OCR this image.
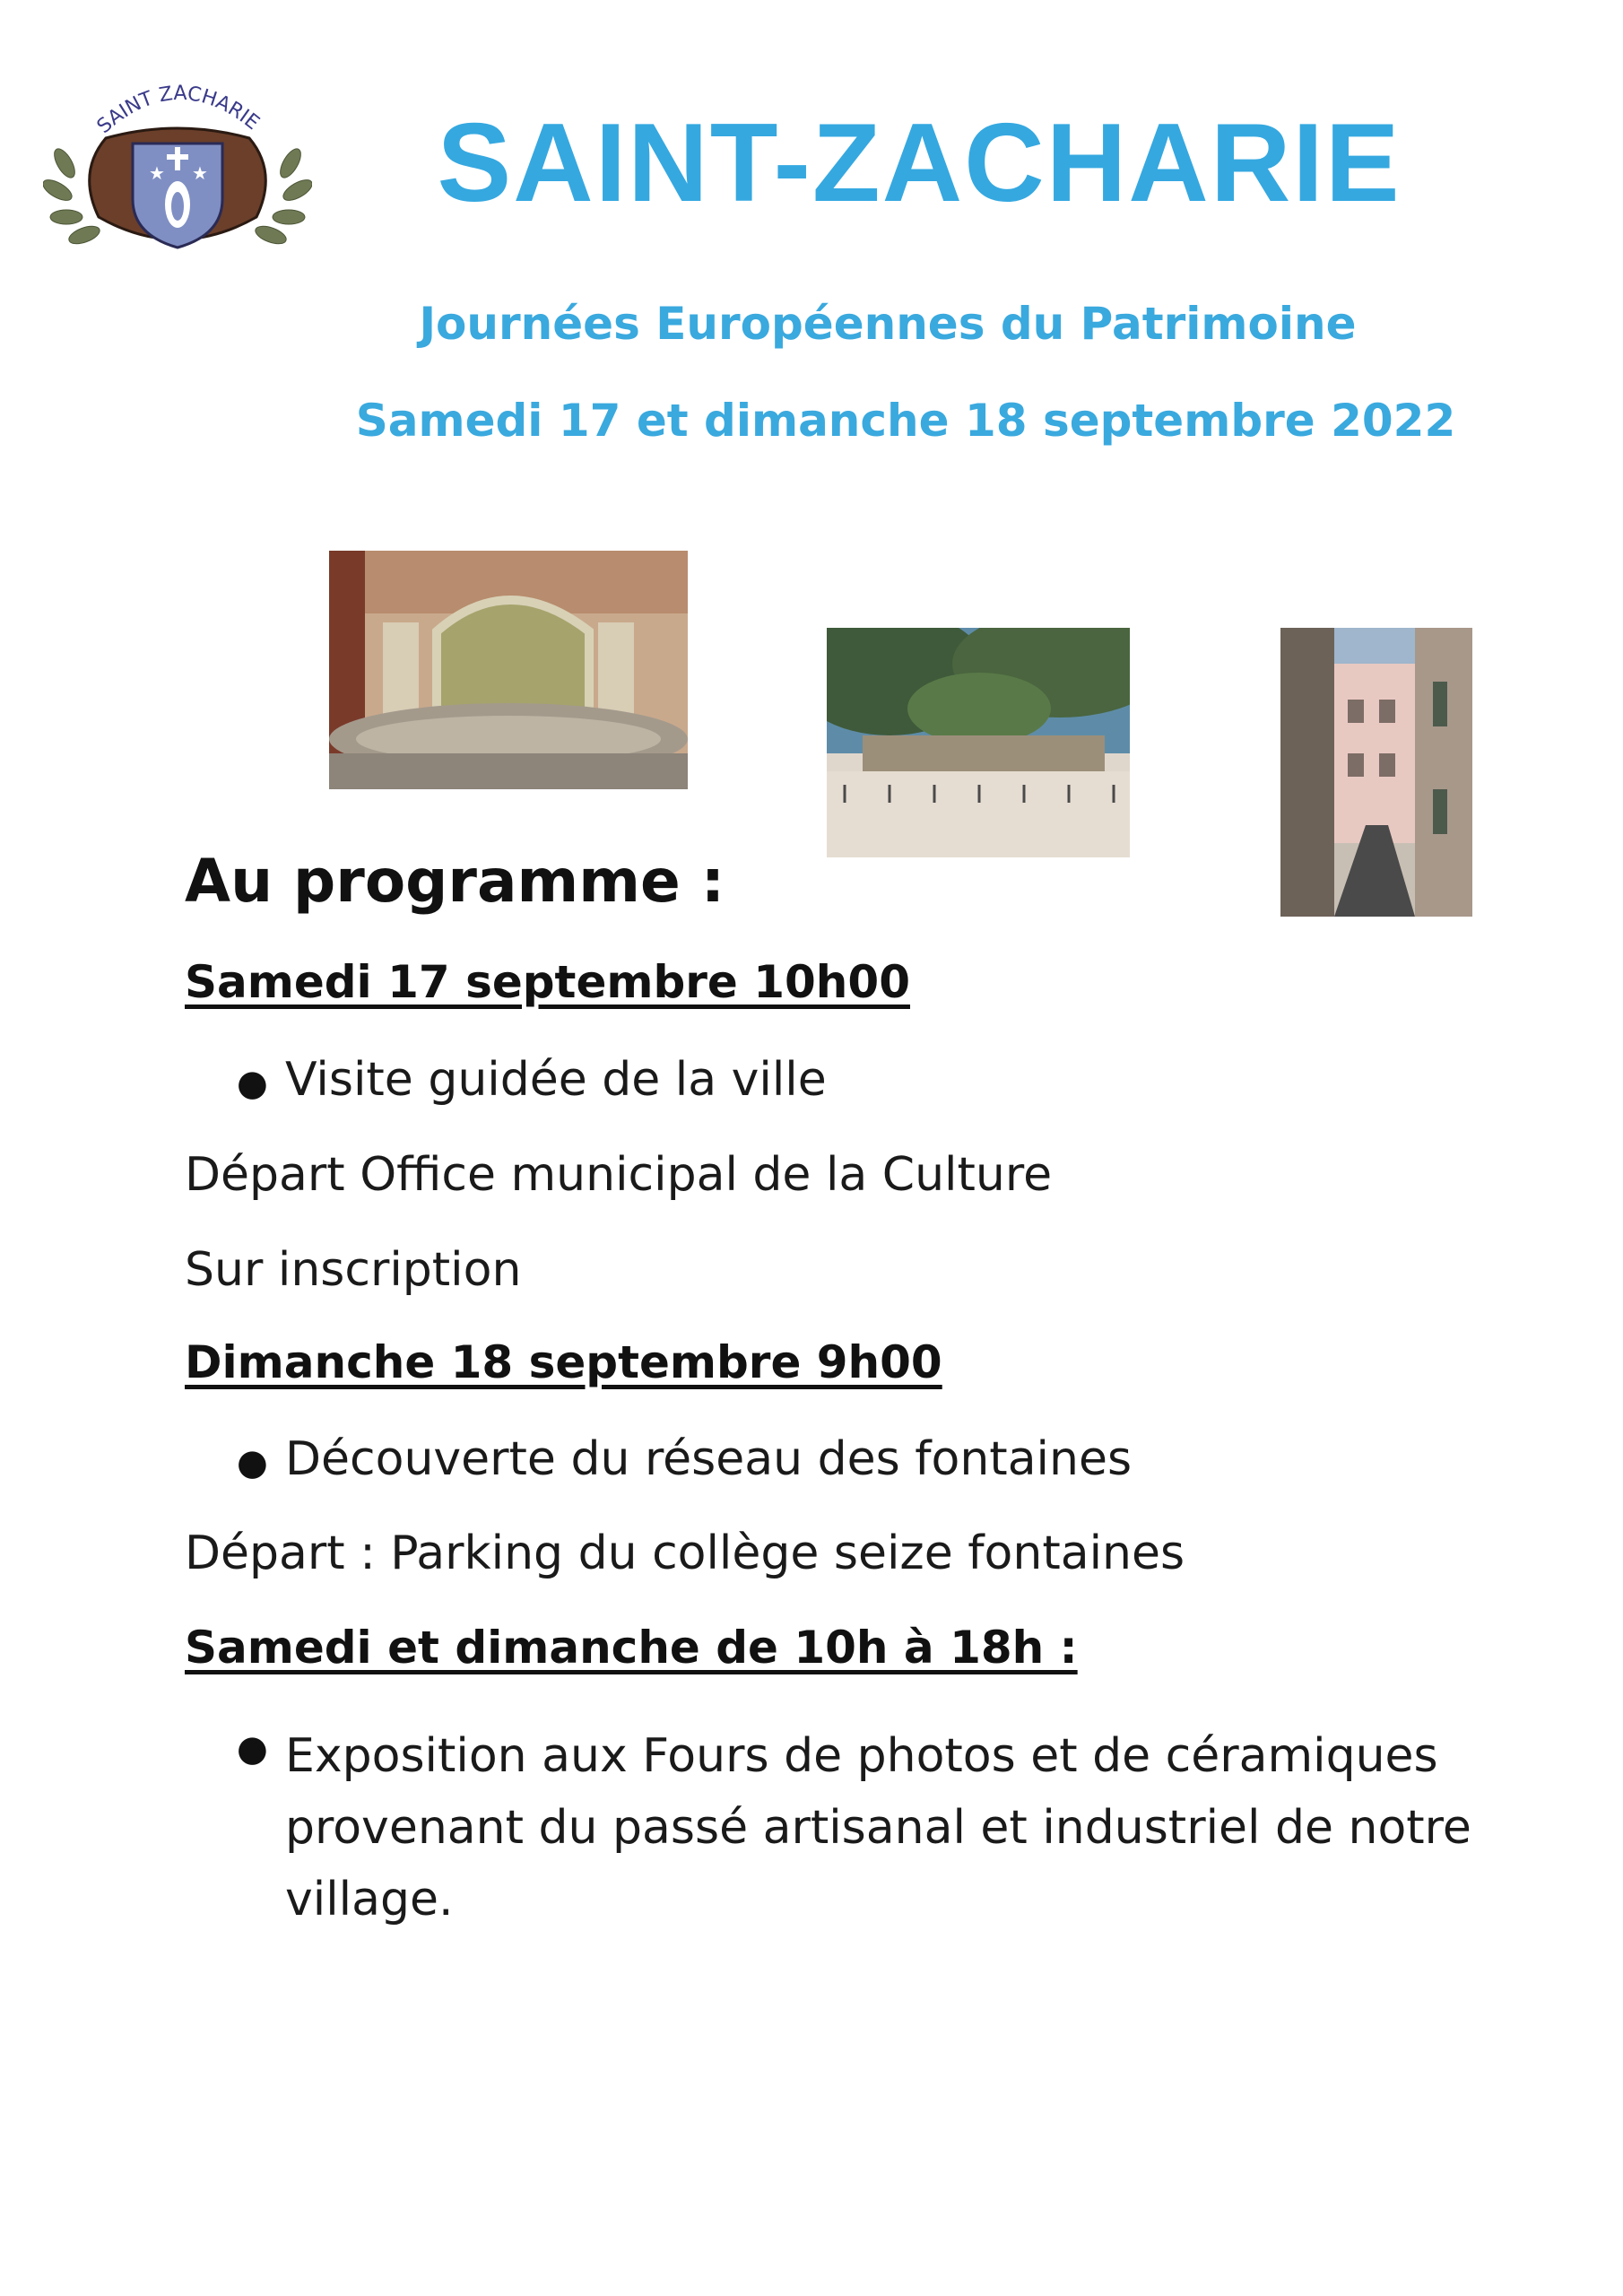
SAINT ZACHARIE
★ ★	SAINT-ZACHARIE
Journées Européennes du Patrimoine
Samedi 17 et dimanche 18 septembre 2022
Au programme :
Samedi 17 septembre 10h00
● Visite guidée de la ville
Départ Office municipal de la Culture
Sur inscription
Dimanche 18 septembre 9h00
● Découverte du réseau des fontaines
Départ : Parking du collège seize fontaines
Samedi et dimanche de 10h à 18h :
● Exposition aux Fours de photos et de céramiques provenant du passé artisanal et industriel de notre village.
